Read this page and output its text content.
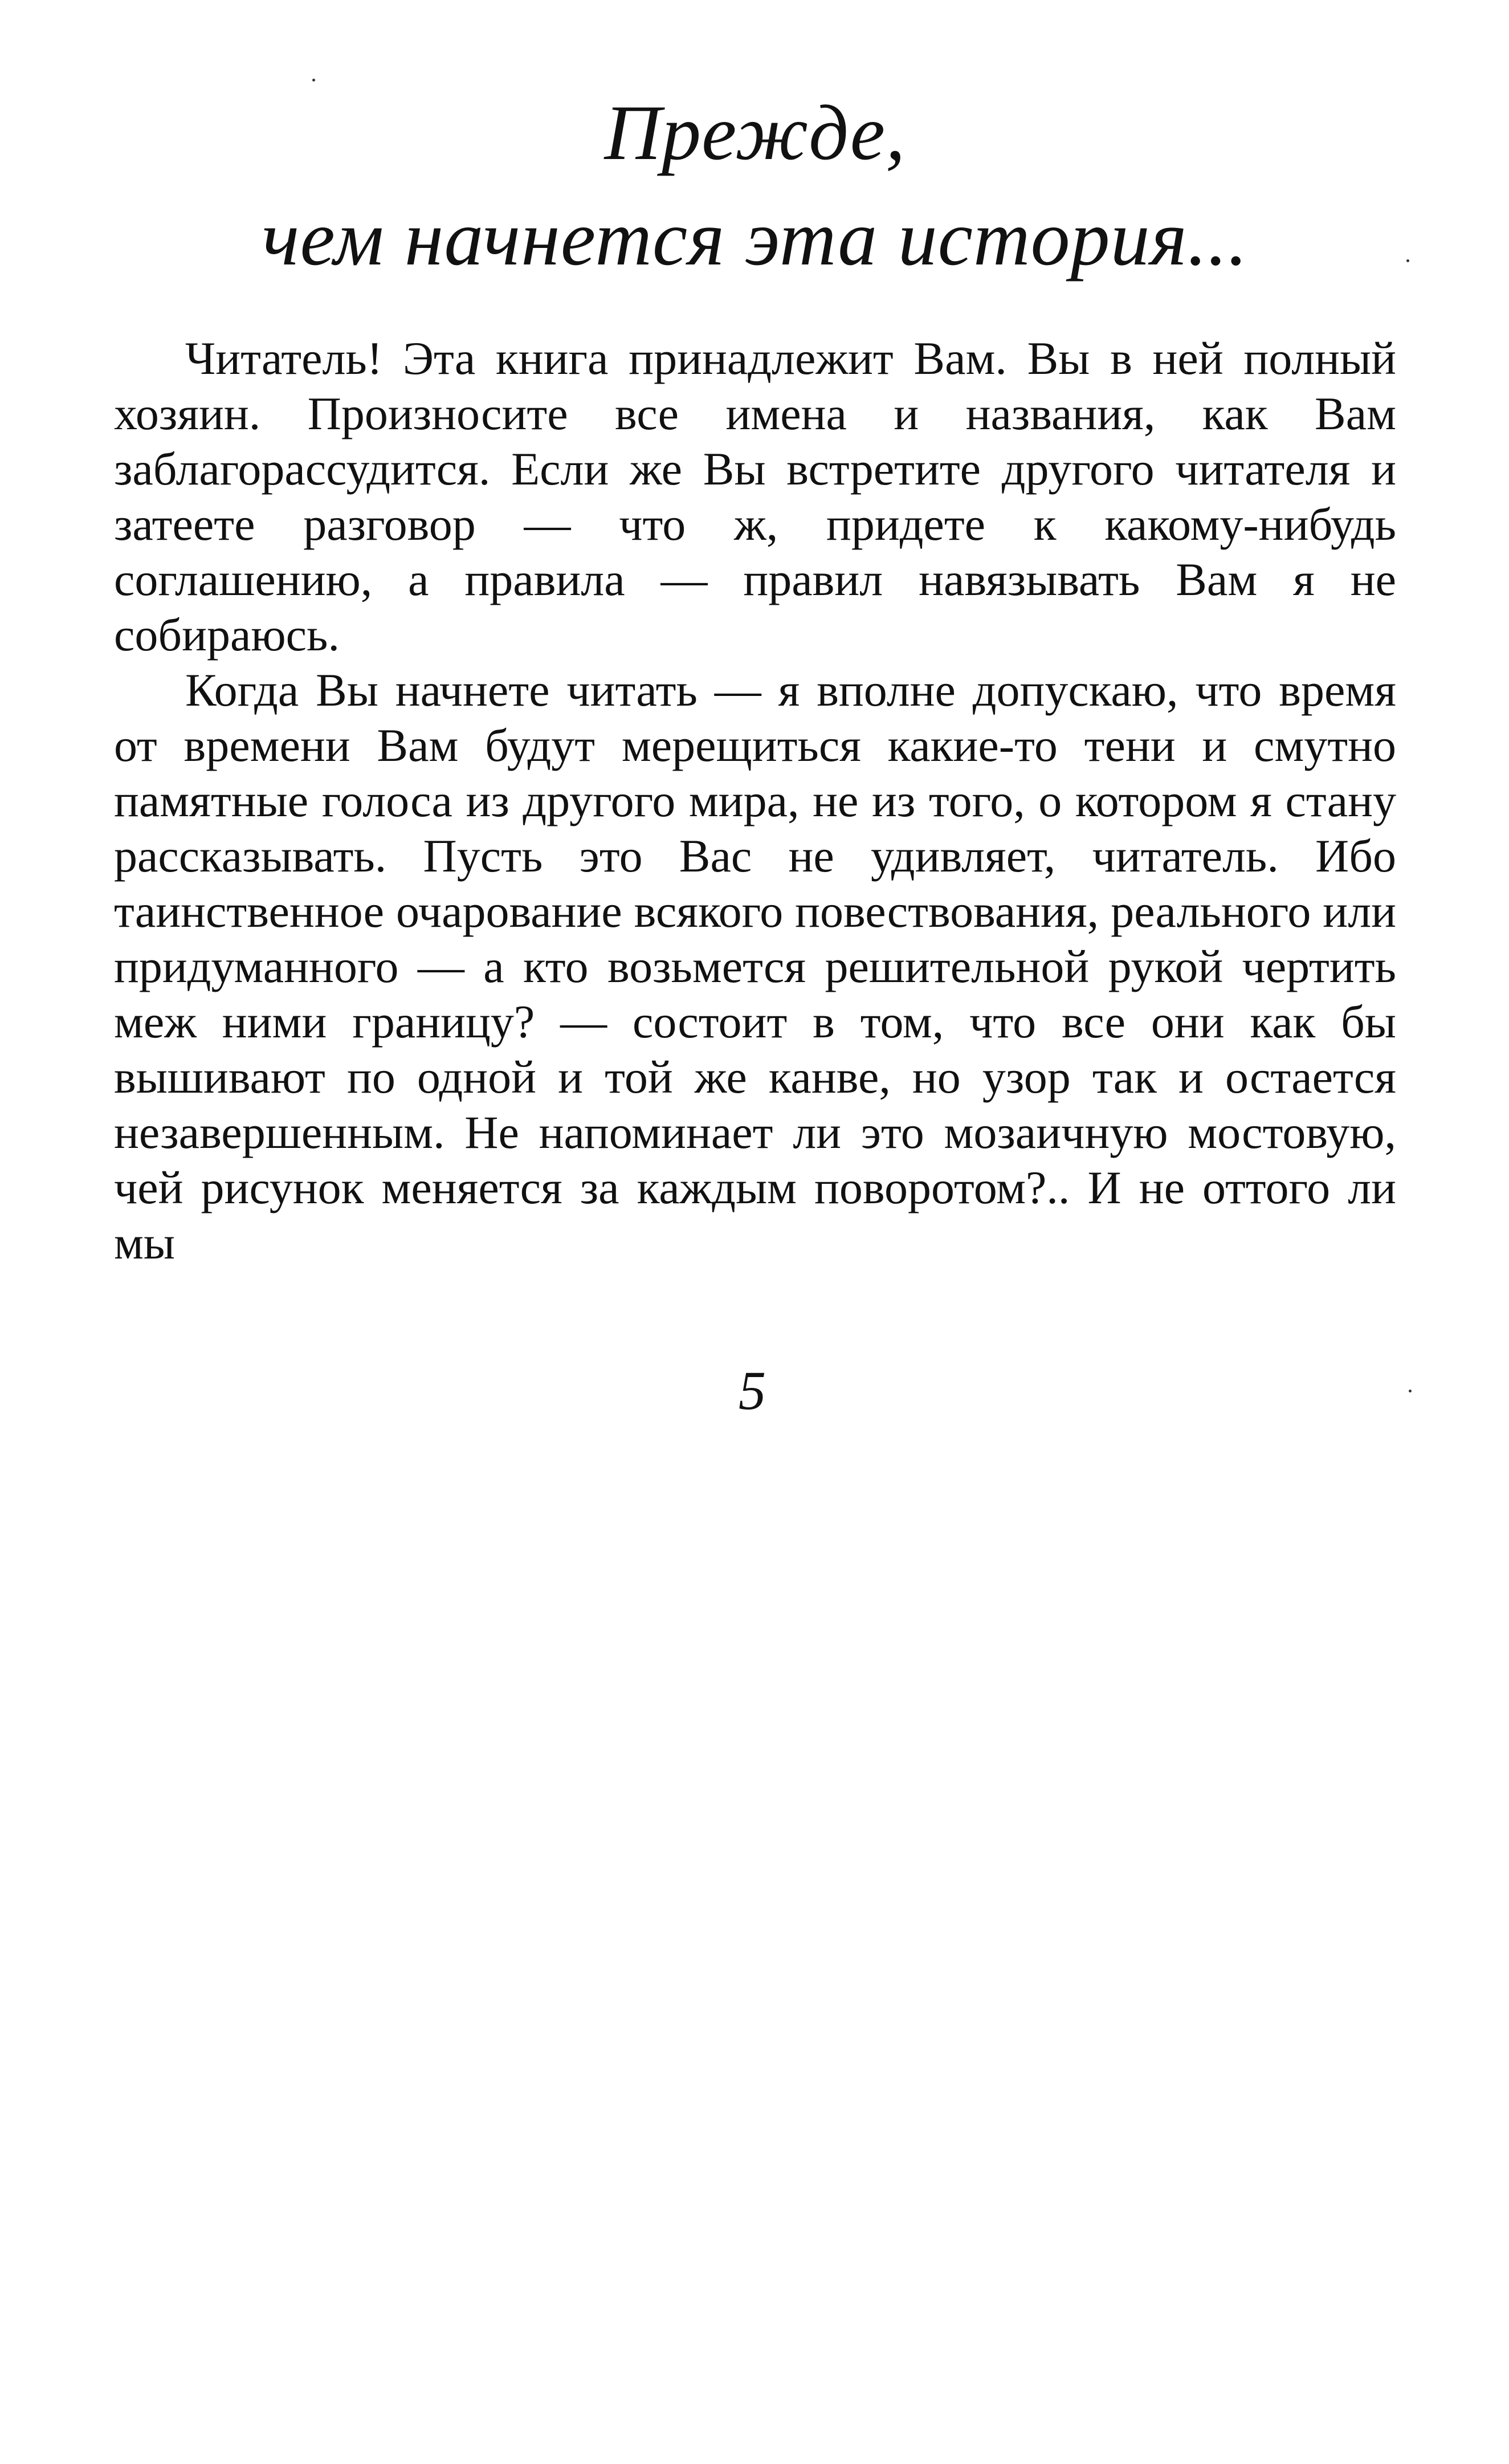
Прежде,
чем начнется эта история...

Читатель! Эта книга принадлежит Вам. Вы в ней полный хозяин. Произносите все имена и названия, как Вам заблагорассудится. Если же Вы встретите другого читателя и затеете разговор — что ж, придете к какому-нибудь соглашению, а правила — правил навязывать Вам я не собираюсь.

Когда Вы начнете читать — я вполне допускаю, что время от времени Вам будут мерещиться какие-то тени и смутно памятные голоса из другого мира, не из того, о котором я стану рассказывать. Пусть это Вас не удивляет, читатель. Ибо таинственное очарование всякого повествования, реального или придуманного — а кто возьмется решительной рукой чертить меж ними границу? — состоит в том, что все они как бы вышивают по одной и той же канве, но узор так и остается незавершенным. Не напоминает ли это мозаичную мостовую, чей рисунок меняется за каждым поворотом?.. И не оттого ли мы

5
